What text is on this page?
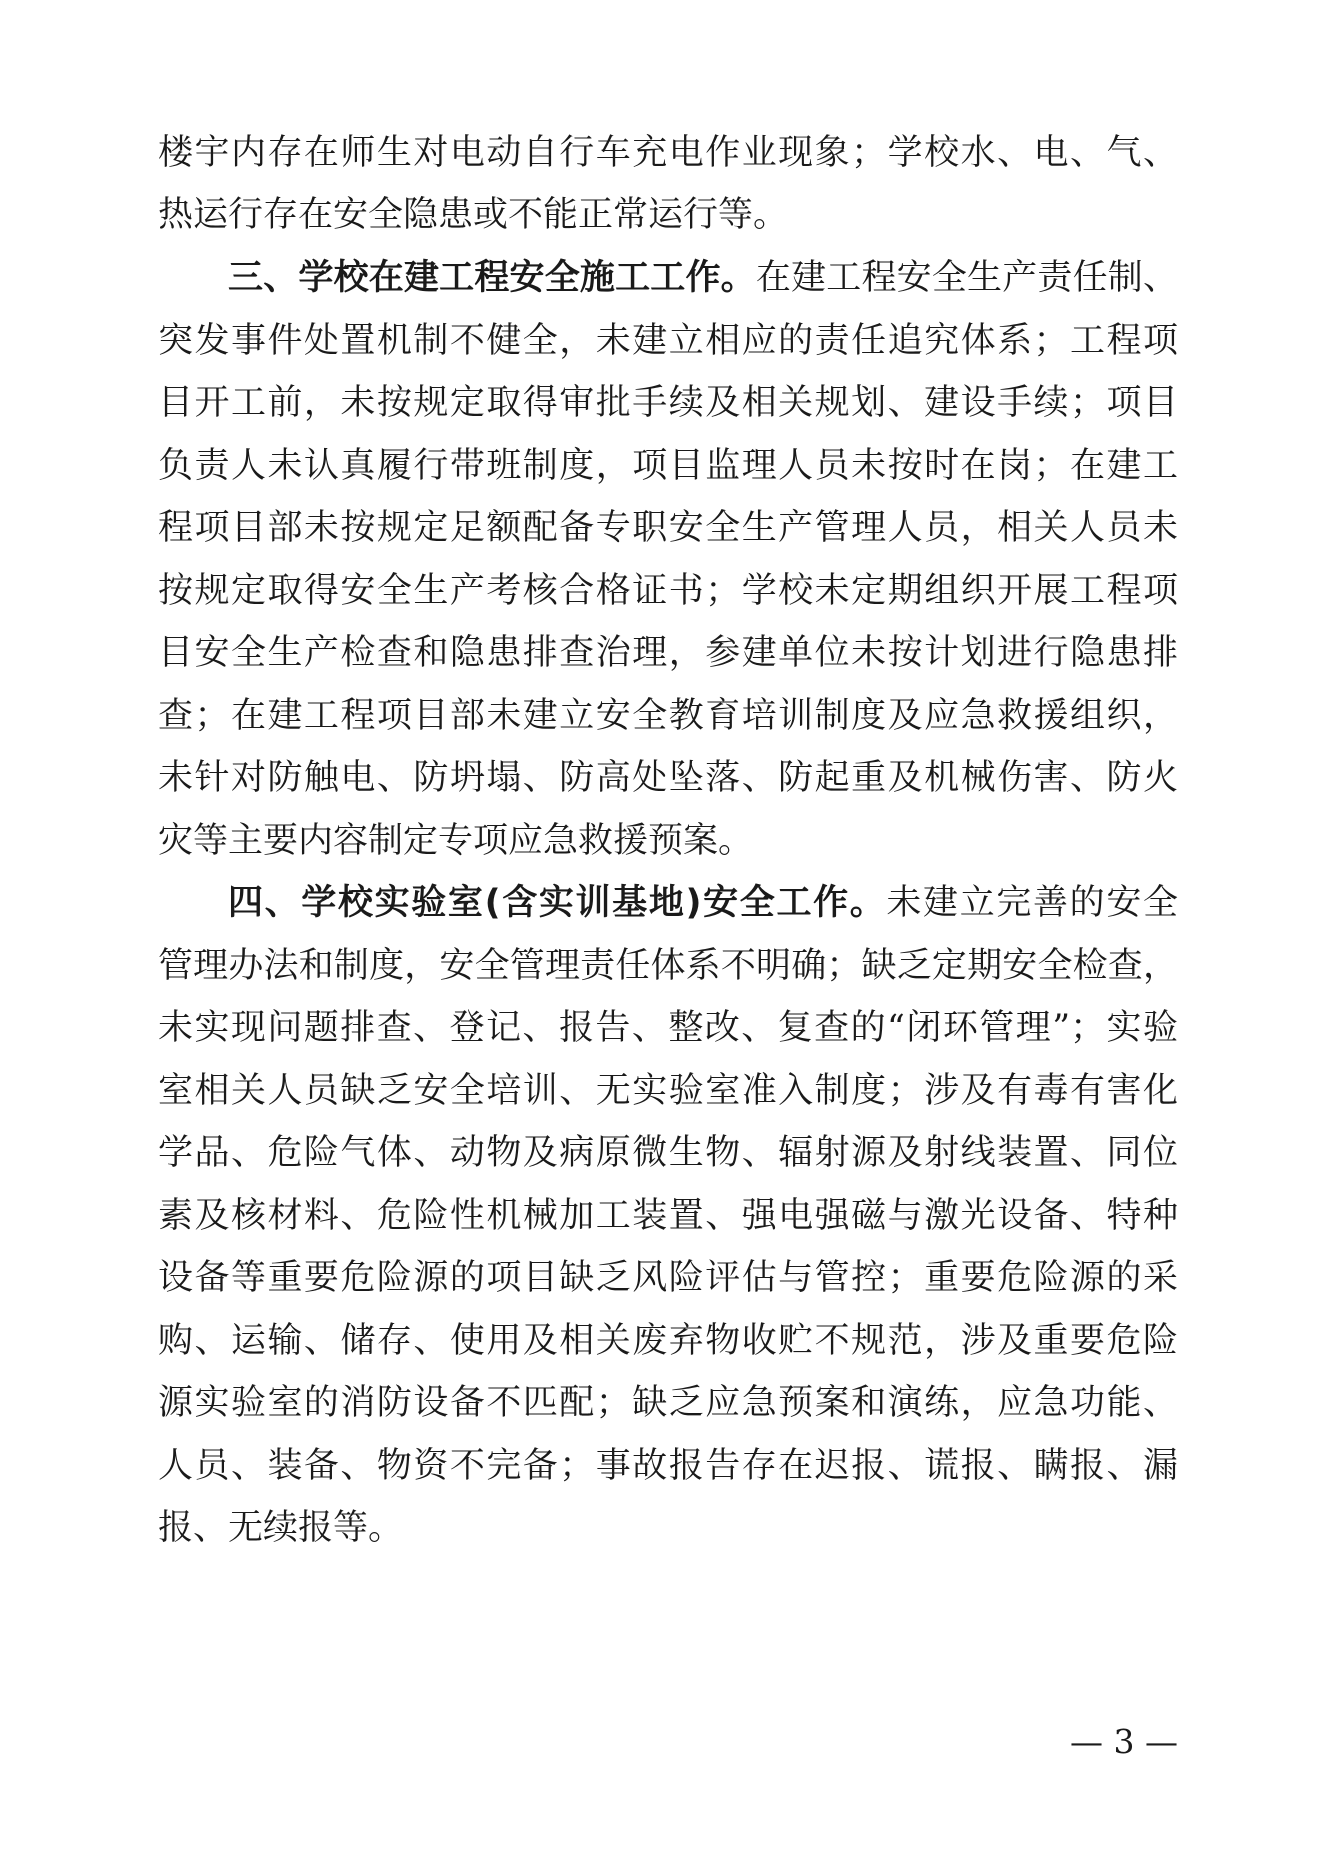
楼宇内存在师生对电动自行车充电作业现象；学校水、电、气、
热运行存在安全隐患或不能正常运行等。
三、学校在建工程安全施工工作。在建工程安全生产责任制、
突发事件处置机制不健全，未建立相应的责任追究体系；工程项
目开工前，未按规定取得审批手续及相关规划、建设手续；项目
负责人未认真履行带班制度，项目监理人员未按时在岗；在建工
程项目部未按规定足额配备专职安全生产管理人员，相关人员未
按规定取得安全生产考核合格证书；学校未定期组织开展工程项
目安全生产检查和隐患排查治理，参建单位未按计划进行隐患排
查；在建工程项目部未建立安全教育培训制度及应急救援组织，
未针对防触电、防坍塌、防高处坠落、防起重及机械伤害、防火
灾等主要内容制定专项应急救援预案。
四、学校实验室(含实训基地)安全工作。未建立完善的安全
管理办法和制度，安全管理责任体系不明确；缺乏定期安全检查，
未实现问题排查、登记、报告、整改、复查的“闭环管理”；实验
室相关人员缺乏安全培训、无实验室准入制度；涉及有毒有害化
学品、危险气体、动物及病原微生物、辐射源及射线装置、同位
素及核材料、危险性机械加工装置、强电强磁与激光设备、特种
设备等重要危险源的项目缺乏风险评估与管控；重要危险源的采
购、运输、储存、使用及相关废弃物收贮不规范，涉及重要危险
源实验室的消防设备不匹配；缺乏应急预案和演练，应急功能、
人员、装备、物资不完备；事故报告存在迟报、谎报、瞒报、漏
报、无续报等。
— 3 —
